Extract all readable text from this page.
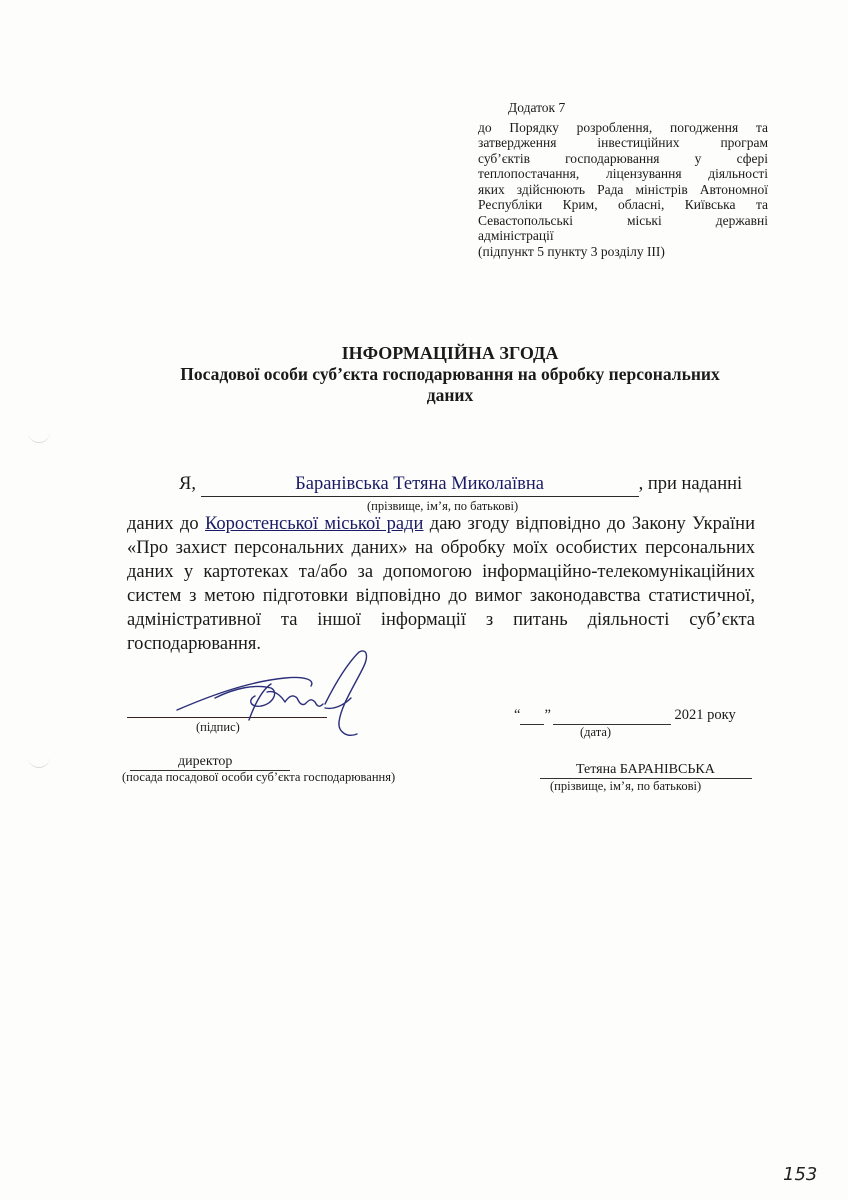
Додаток 7
до Порядку розроблення, погодження та
затвердження інвестиційних програм
суб’єктів господарювання у сфері
теплопостачання, ліцензування діяльності
яких здійснюють Рада міністрів Автономної
Республіки Крим, обласні, Київська та
Севастопольські міські державні
адміністрації
(підпункт 5 пункту 3 розділу ІІІ)
ІНФОРМАЦІЙНА ЗГОДА
Посадової особи суб’єкта господарювання на обробку персональних
даних
Я,	Баранівська Тетяна Миколаївна	, при наданні
(прізвище, ім’я, по батькові)
даних до Коростенської міської ради даю згоду відповідно до Закону України
«Про захист персональних даних» на обробку моїх особистих персональних
даних у картотеках та/або за допомогою інформаційно-телекомунікаційних
систем з метою підготовки відповідно до вимог законодавства статистичної,
адміністративної та іншої інформації з питань діяльності суб’єкта
господарювання.
(підпис)
“ ”	2021 року
(дата)
директор
(посада посадової особи суб’єкта господарювання)	Тетяна БАРАНІВСЬКА
(прізвище, ім’я, по батькові)
153
